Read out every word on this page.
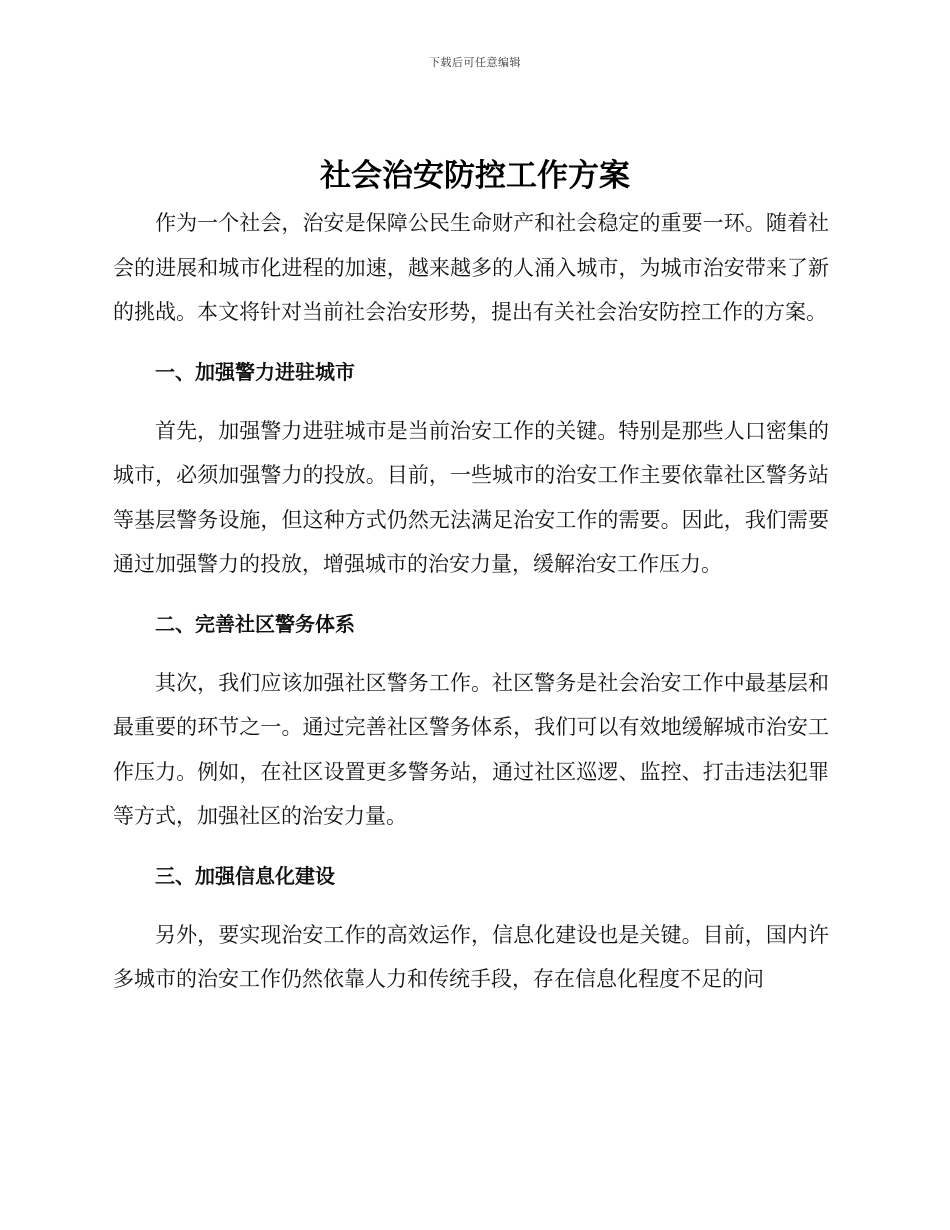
下载后可任意编辑
社会治安防控工作方案

作为一个社会，治安是保障公民生命财产和社会稳定的重要一环。随着社会的进展和城市化进程的加速，越来越多的人涌入城市，为城市治安带来了新的挑战。本文将针对当前社会治安形势，提出有关社会治安防控工作的方案。

一、加强警力进驻城市

首先，加强警力进驻城市是当前治安工作的关键。特别是那些人口密集的城市，必须加强警力的投放。目前，一些城市的治安工作主要依靠社区警务站等基层警务设施，但这种方式仍然无法满足治安工作的需要。因此，我们需要通过加强警力的投放，增强城市的治安力量，缓解治安工作压力。

二、完善社区警务体系

其次，我们应该加强社区警务工作。社区警务是社会治安工作中最基层和最重要的环节之一。通过完善社区警务体系，我们可以有效地缓解城市治安工作压力。例如，在社区设置更多警务站，通过社区巡逻、监控、打击违法犯罪等方式，加强社区的治安力量。

三、加强信息化建设

另外，要实现治安工作的高效运作，信息化建设也是关键。目前，国内许多城市的治安工作仍然依靠人力和传统手段，存在信息化程度不足的问
